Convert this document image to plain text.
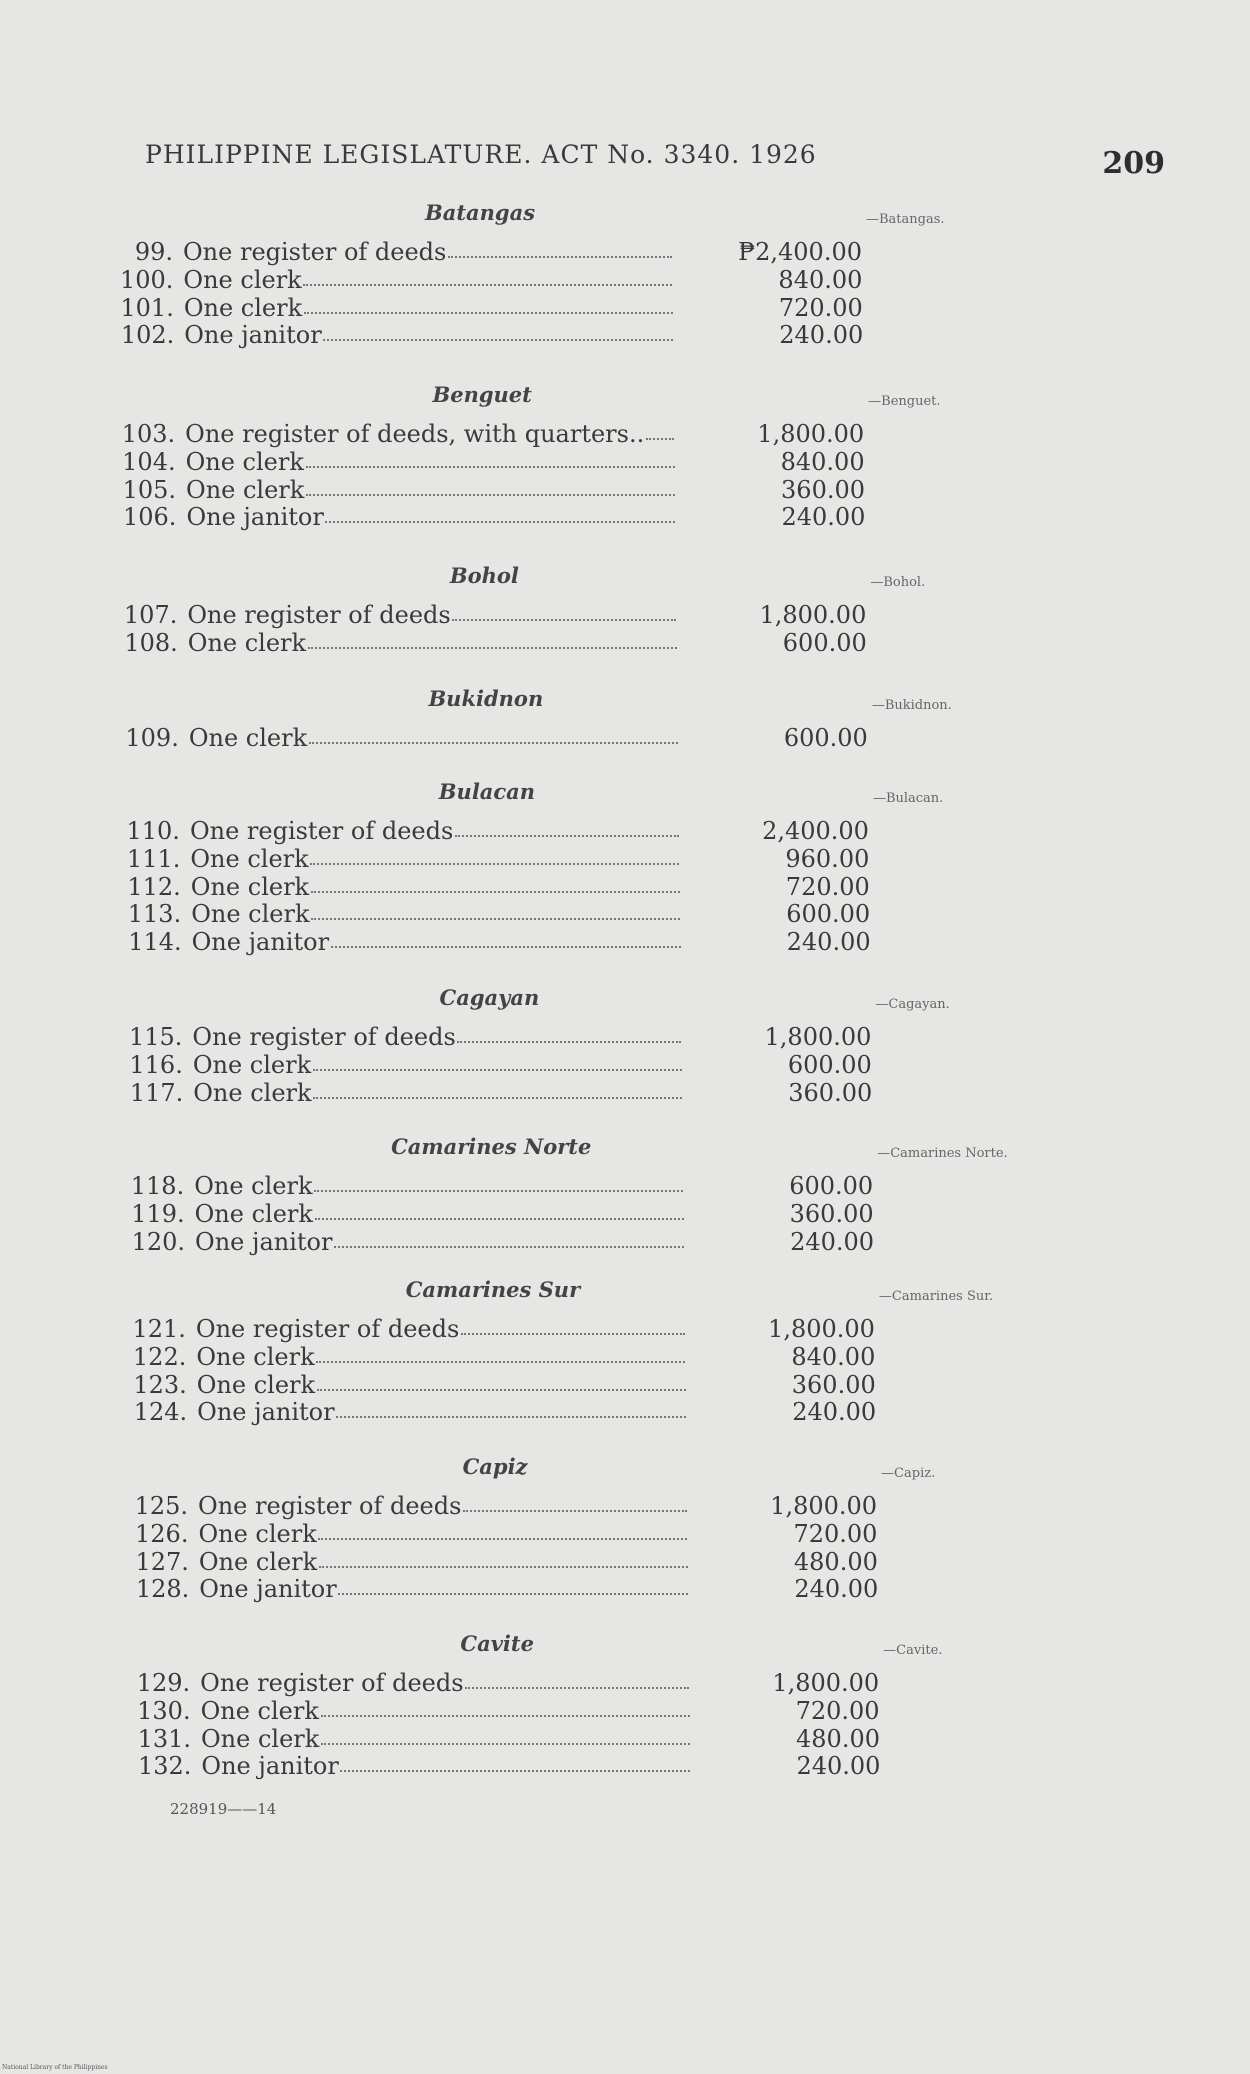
PHILIPPINE LEGISLATURE. ACT No. 3340. 1926	209
Batangas	—Batangas.
99. One register of deeds	₱2,400.00
100. One clerk	840.00
101. One clerk	720.00
102. One janitor	240.00
Benguet	—Benguet.
103. One register of deeds, with quarters..	1,800.00
104. One clerk	840.00
105. One clerk	360.00
106. One janitor	240.00
Bohol	—Bohol.
107. One register of deeds	1,800.00
108. One clerk	600.00
Bukidnon	—Bukidnon.
109. One clerk	600.00
Bulacan	—Bulacan.
110. One register of deeds	2,400.00
111. One clerk	960.00
112. One clerk	720.00
113. One clerk	600.00
114. One janitor	240.00
Cagayan	—Cagayan.
115. One register of deeds	1,800.00
116. One clerk	600.00
117. One clerk	360.00
Camarines Norte	—Camarines Norte.
118. One clerk	600.00
119. One clerk	360.00
120. One janitor	240.00
Camarines Sur	—Camarines Sur.
121. One register of deeds	1,800.00
122. One clerk	840.00
123. One clerk	360.00
124. One janitor	240.00
Capiz	—Capiz.
125. One register of deeds	1,800.00
126. One clerk	720.00
127. One clerk	480.00
128. One janitor	240.00
Cavite	—Cavite.
129. One register of deeds	1,800.00
130. One clerk	720.00
131. One clerk	480.00
132. One janitor	240.00
228919——14
National Library of the Philippines
